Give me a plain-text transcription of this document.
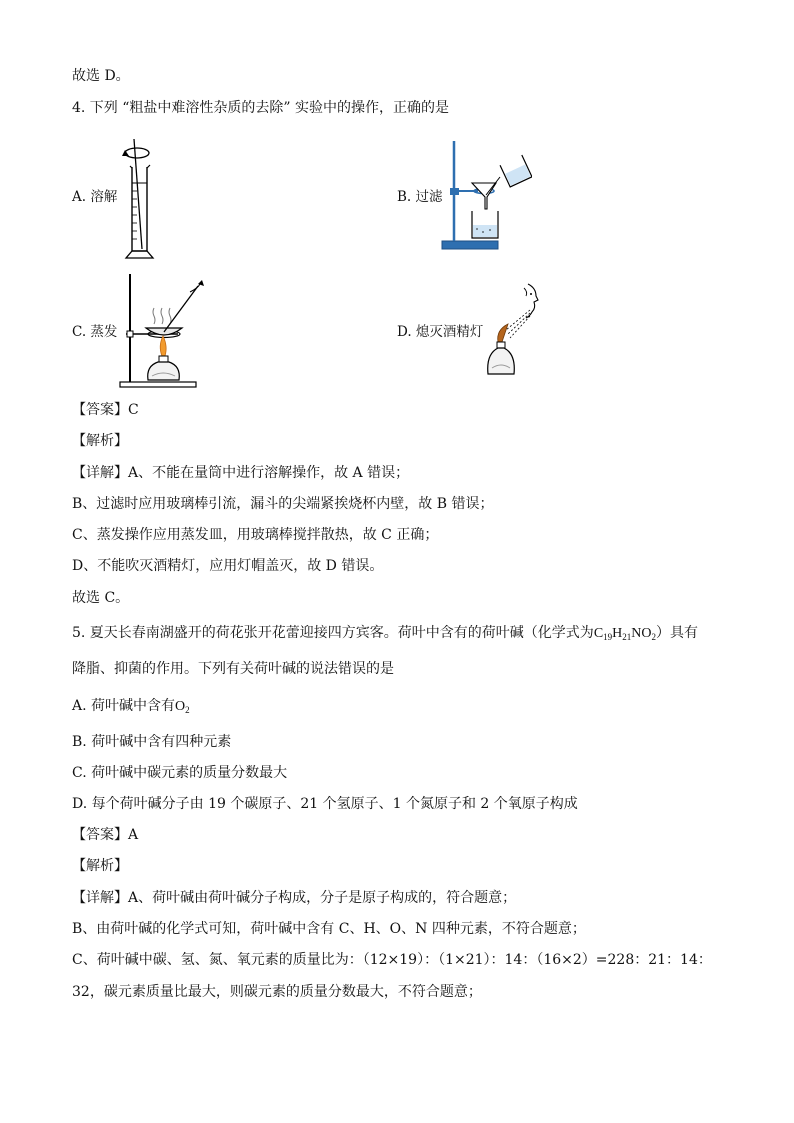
故选 D。
4. 下列 “粗盐中难溶性杂质的去除” 实验中的操作，正确的是
A. 溶解	B. 过滤
C. 蒸发	D. 熄灭酒精灯
【答案】C
【解析】
【详解】A、不能在量筒中进行溶解操作，故 A 错误；
B、过滤时应用玻璃棒引流，漏斗的尖端紧挨烧杯内壁，故 B 错误；
C、蒸发操作应用蒸发皿，用玻璃棒搅拌散热，故 C 正确；
D、不能吹灭酒精灯，应用灯帽盖灭，故 D 错误。
故选 C。
5. 夏天长春南湖盛开的荷花张开花蕾迎接四方宾客。荷叶中含有的荷叶碱（化学式为$C_{19}H_{21}NO_2$）具有
降脂、抑菌的作用。下列有关荷叶碱的说法错误的是
A. 荷叶碱中含有$O_2$
B. 荷叶碱中含有四种元素
C. 荷叶碱中碳元素的质量分数最大
D. 每个荷叶碱分子由 19 个碳原子、21 个氢原子、1 个氮原子和 2 个氧原子构成
【答案】A
【解析】
【详解】A、荷叶碱由荷叶碱分子构成，分子是原子构成的，符合题意；
B、由荷叶碱的化学式可知，荷叶碱中含有 C、H、O、N 四种元素，不符合题意；
C、荷叶碱中碳、氢、氮、氧元素的质量比为：（12×19）：（1×21）：14：（16×2）=228：21：14：
32，碳元素质量比最大，则碳元素的质量分数最大，不符合题意；
